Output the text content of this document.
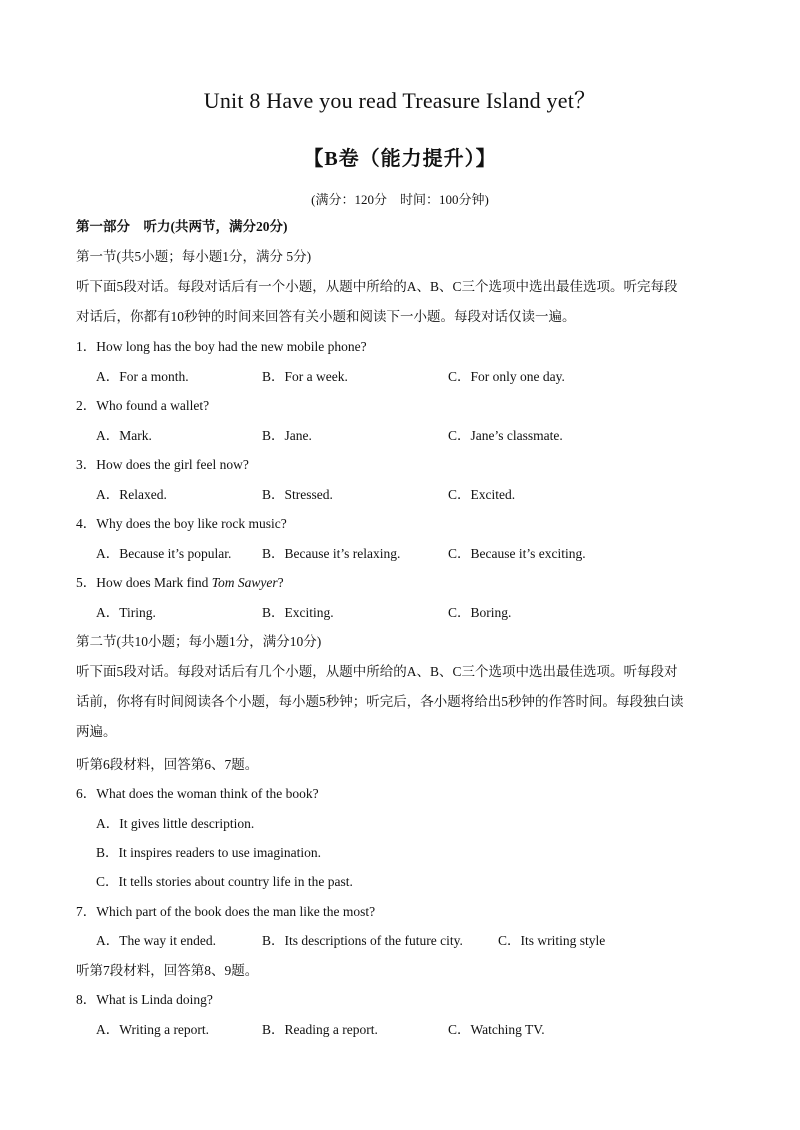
Unit 8 Have you read Treasure Island yet？
【B卷（能力提升）】
(满分：120分　时间：100分钟)
第一部分　听力(共两节，满分20分)
第一节(共5小题；每小题1分，满分 5分)
听下面5段对话。每段对话后有一个小题，从题中所给的A、B、C三个选项中选出最佳选项。听完每段
对话后，你都有10秒钟的时间来回答有关小题和阅读下一小题。每段对话仅读一遍。
1．How long has the boy had the new mobile phone?
A．For a month.	B．For a week.	C．For only one day.
2．Who found a wallet?
A．Mark.	B．Jane.	C．Jane’s classmate.
3．How does the girl feel now?
A．Relaxed.	B．Stressed.	C．Excited.
4．Why does the boy like rock music?
A．Because it’s popular. B．Because it’s relaxing.	C．Because it’s exciting.
5．How does Mark find Tom Sawyer?
A．Tiring.	B．Exciting.	C．Boring.
第二节(共10小题；每小题1分，满分10分)
听下面5段对话。每段对话后有几个小题，从题中所给的A、B、C三个选项中选出最佳选项。听每段对
话前，你将有时间阅读各个小题，每小题5秒钟；听完后，各小题将给出5秒钟的作答时间。每段独白读
两遍。
听第6段材料，回答第6、7题。
6．What does the woman think of the book?
A．It gives little description.
B．It inspires readers to use imagination.
C．It tells stories about country life in the past.
7．Which part of the book does the man like the most?
A．The way it ended.	B．Its descriptions of the future city.	C．Its writing style
听第7段材料，回答第8、9题。
8．What is Linda doing?
A．Writing a report.	B．Reading a report.	C．Watching TV.
